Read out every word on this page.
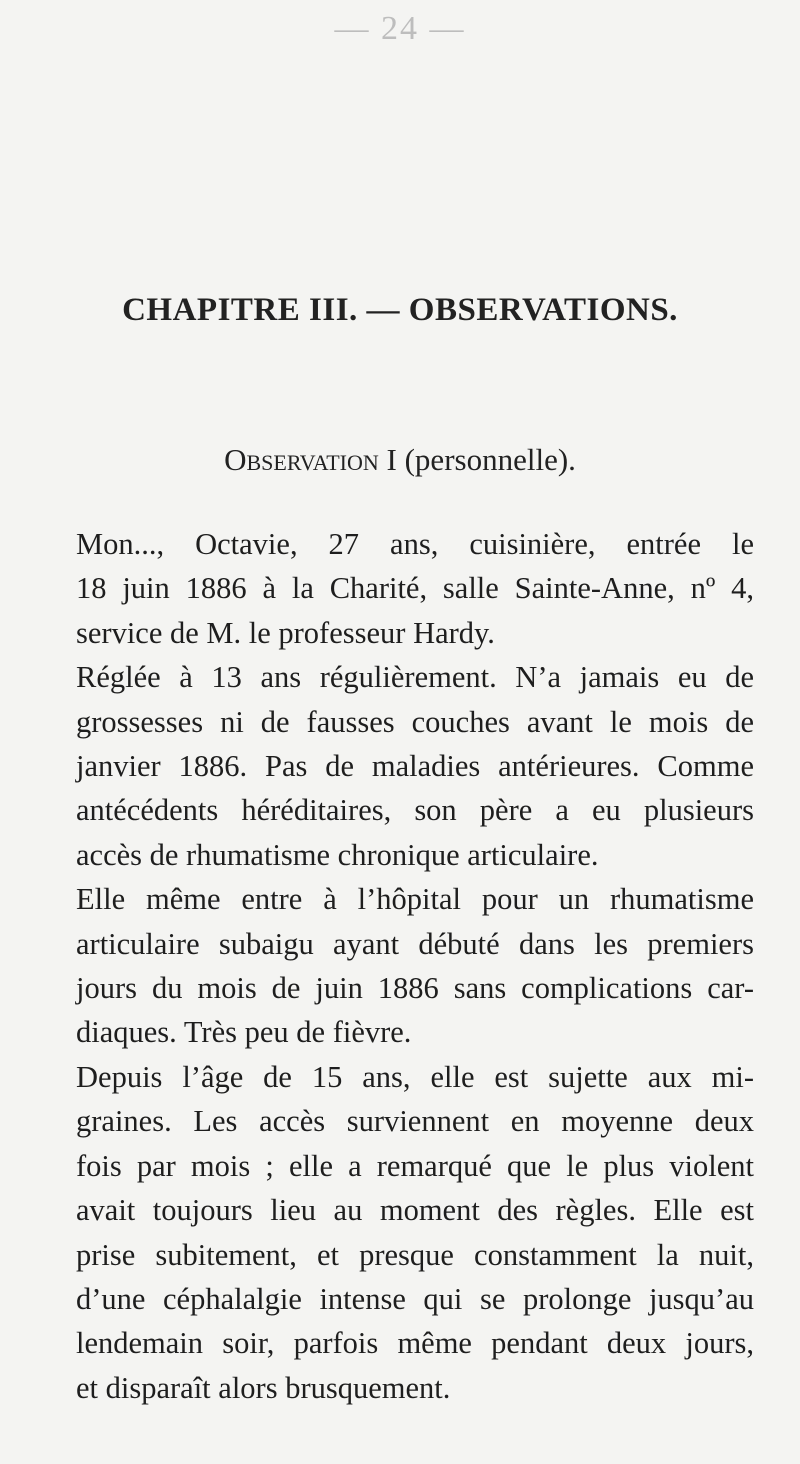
— 24 —
CHAPITRE III. — OBSERVATIONS.
Observation I (personnelle).

Mon..., Octavie, 27 ans, cuisinière, entrée le
18 juin 1886 à la Charité, salle Sainte-Anne, nº 4,
service de M. le professeur Hardy.

Réglée à 13 ans régulièrement. N’a jamais eu de
grossesses ni de fausses couches avant le mois de
janvier 1886. Pas de maladies antérieures. Comme
antécédents héréditaires, son père a eu plusieurs
accès de rhumatisme chronique articulaire.

Elle même entre à l’hôpital pour un rhumatisme
articulaire subaigu ayant débuté dans les premiers
jours du mois de juin 1886 sans complications car-
diaques. Très peu de fièvre.

Depuis l’âge de 15 ans, elle est sujette aux mi-
graines. Les accès surviennent en moyenne deux
fois par mois ; elle a remarqué que le plus violent
avait toujours lieu au moment des règles. Elle est
prise subitement, et presque constamment la nuit,
d’une céphalalgie intense qui se prolonge jusqu’au
lendemain soir, parfois même pendant deux jours,
et disparaît alors brusquement.
